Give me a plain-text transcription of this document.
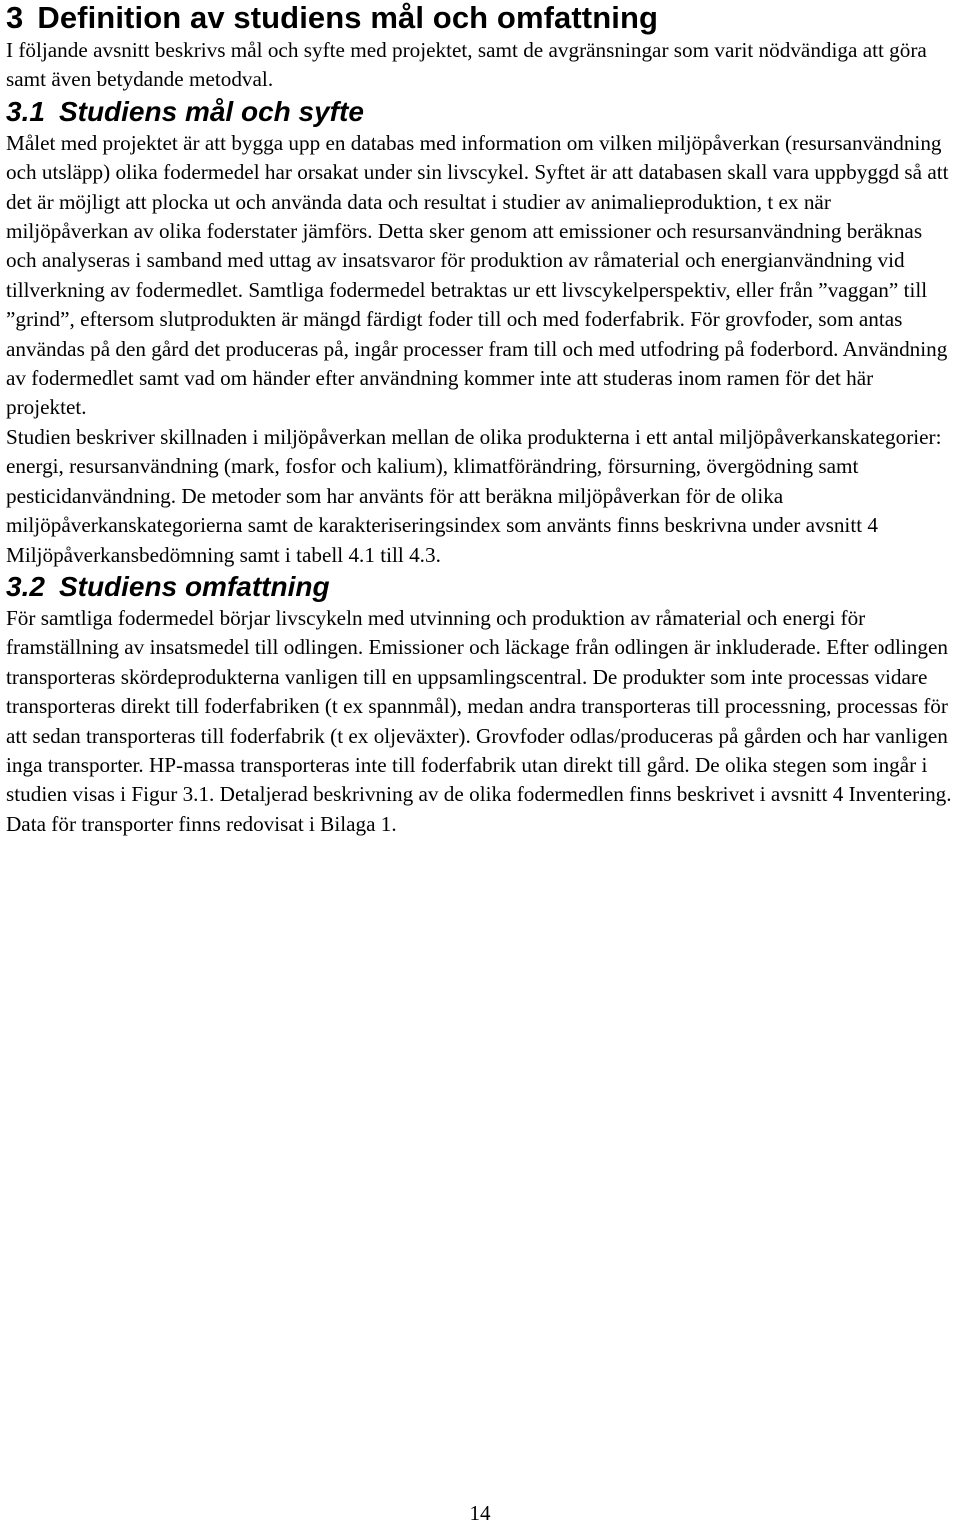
3 Definition av studiens mål och omfattning

I följande avsnitt beskrivs mål och syfte med projektet, samt de avgränsningar som varit nödvändiga att göra samt även betydande metodval.

3.1 Studiens mål och syfte

Målet med projektet är att bygga upp en databas med information om vilken miljöpåverkan (resursanvändning och utsläpp) olika fodermedel har orsakat under sin livscykel. Syftet är att databasen skall vara uppbyggd så att det är möjligt att plocka ut och använda data och resultat i studier av animalieproduktion, t ex när miljöpåverkan av olika foderstater jämförs. Detta sker genom att emissioner och resursanvändning beräknas och analyseras i samband med uttag av insatsvaror för produktion av råmaterial och energianvändning vid tillverkning av fodermedlet. Samtliga fodermedel betraktas ur ett livscykelperspektiv, eller från ”vaggan” till ”grind”, eftersom slutprodukten är mängd färdigt foder till och med foderfabrik. För grovfoder, som antas användas på den gård det produceras på, ingår processer fram till och med utfodring på foderbord. Användning av fodermedlet samt vad om händer efter användning kommer inte att studeras inom ramen för det här projektet.

Studien beskriver skillnaden i miljöpåverkan mellan de olika produkterna i ett antal miljöpåverkanskategorier: energi, resursanvändning (mark, fosfor och kalium), klimatförändring, försurning, övergödning samt pesticidanvändning. De metoder som har använts för att beräkna miljöpåverkan för de olika miljöpåverkanskategorierna samt de karakteriseringsindex som använts finns beskrivna under avsnitt 4 Miljöpåverkansbedömning samt i tabell 4.1 till 4.3.

3.2 Studiens omfattning

För samtliga fodermedel börjar livscykeln med utvinning och produktion av råmaterial och energi för framställning av insatsmedel till odlingen. Emissioner och läckage från odlingen är inkluderade. Efter odlingen transporteras skördeprodukterna vanligen till en uppsamlingscentral. De produkter som inte processas vidare transporteras direkt till foderfabriken (t ex spannmål), medan andra transporteras till processning, processas för att sedan transporteras till foderfabrik (t ex oljeväxter). Grovfoder odlas/produceras på gården och har vanligen inga transporter. HP-massa transporteras inte till foderfabrik utan direkt till gård. De olika stegen som ingår i studien visas i Figur 3.1. Detaljerad beskrivning av de olika fodermedlen finns beskrivet i avsnitt 4 Inventering. Data för transporter finns redovisat i Bilaga 1.

14
